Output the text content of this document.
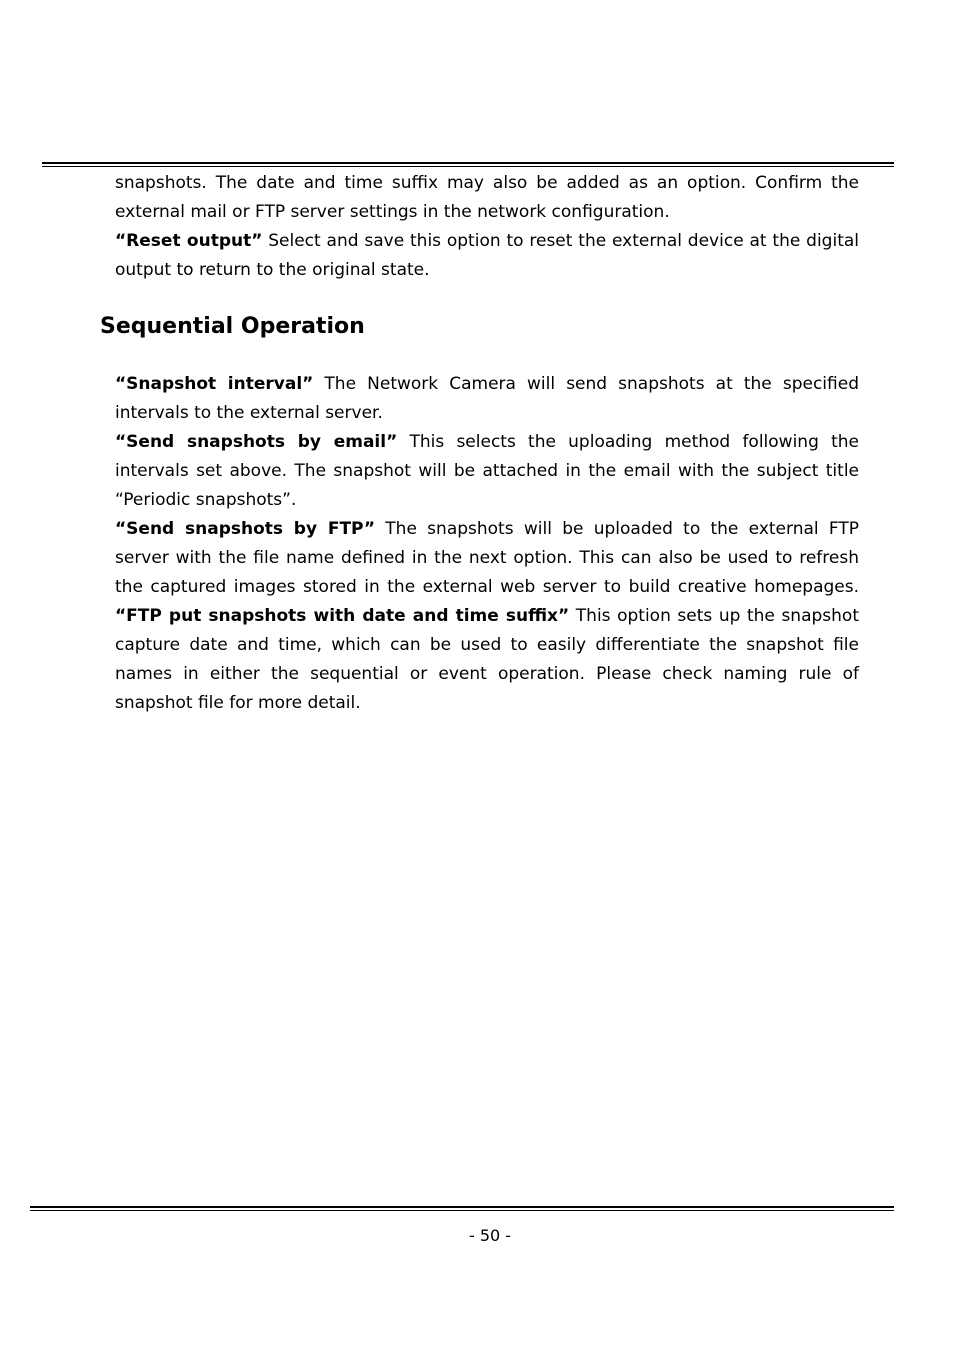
snapshots. The date and time suffix may also be added as an option. Confirm the
external mail or FTP server settings in the network configuration.
“Reset output” Select and save this option to reset the external device at the digital
output to return to the original state.
Sequential Operation
“Snapshot interval” The Network Camera will send snapshots at the specified
intervals to the external server.
“Send snapshots by email” This selects the uploading method following the
intervals set above. The snapshot will be attached in the email with the subject title
“Periodic snapshots”.
“Send snapshots by FTP” The snapshots will be uploaded to the external FTP
server with the file name defined in the next option. This can also be used to refresh
the captured images stored in the external web server to build creative homepages.
“FTP put snapshots with date and time suffix” This option sets up the snapshot
capture date and time, which can be used to easily differentiate the snapshot file
names in either the sequential or event operation. Please check naming rule of
snapshot file for more detail.
- 50 -
